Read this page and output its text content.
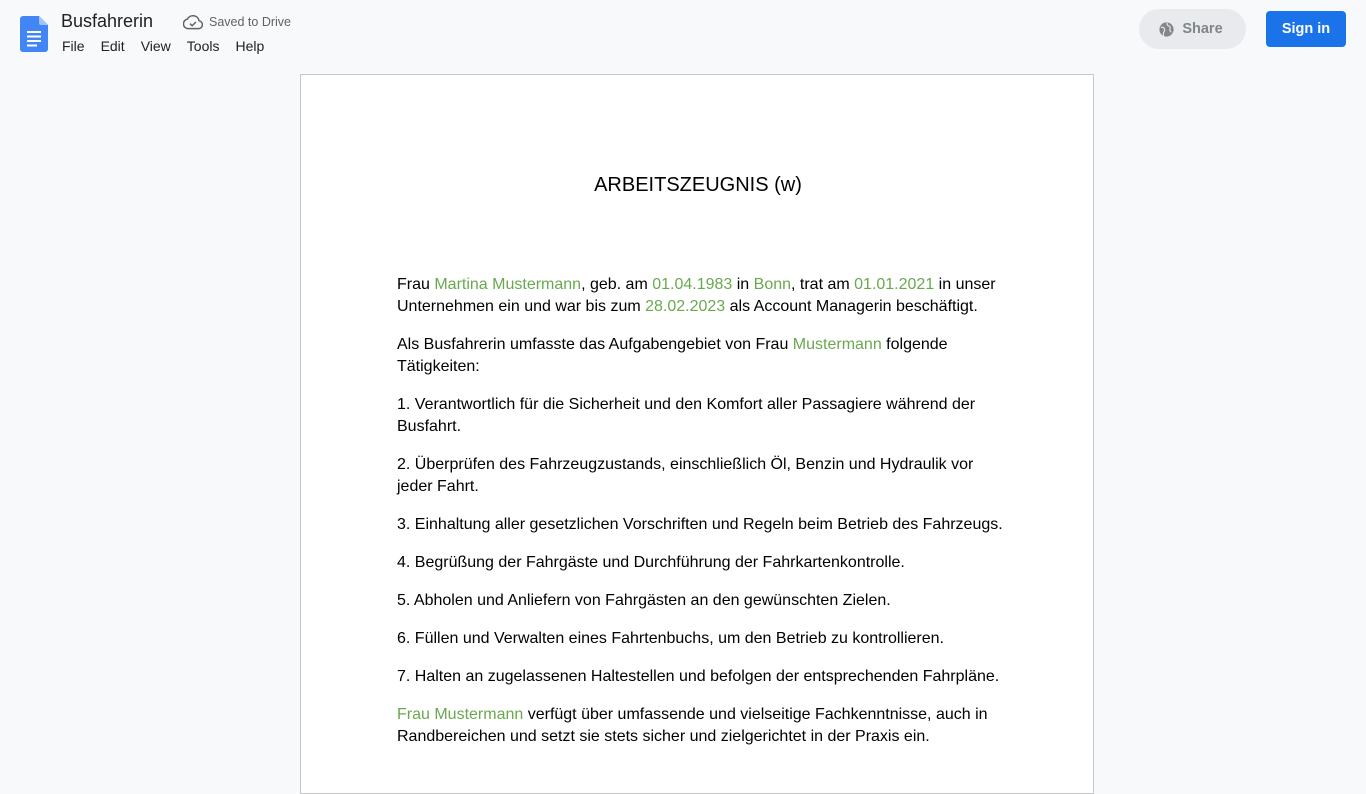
Busfahrerin	Saved to Drive
File	Edit	View	Tools	Help
Share	Sign in
ARBEITSZEUGNIS (w)

Frau Martina Mustermann, geb. am 01.04.1983 in Bonn, trat am 01.01.2021 in unser Unternehmen ein und war bis zum 28.02.2023 als Account Managerin beschäftigt.

Als Busfahrerin umfasste das Aufgabengebiet von Frau Mustermann folgende Tätigkeiten:

1. Verantwortlich für die Sicherheit und den Komfort aller Passagiere während der Busfahrt.

2. Überprüfen des Fahrzeugzustands, einschließlich Öl, Benzin und Hydraulik vor jeder Fahrt.

3. Einhaltung aller gesetzlichen Vorschriften und Regeln beim Betrieb des Fahrzeugs.

4. Begrüßung der Fahrgäste und Durchführung der Fahrkartenkontrolle.

5. Abholen und Anliefern von Fahrgästen an den gewünschten Zielen.

6. Füllen und Verwalten eines Fahrtenbuchs, um den Betrieb zu kontrollieren.

7. Halten an zugelassenen Haltestellen und befolgen der entsprechenden Fahrpläne.

Frau Mustermann verfügt über umfassende und vielseitige Fachkenntnisse, auch in Randbereichen und setzt sie stets sicher und zielgerichtet in der Praxis ein.
